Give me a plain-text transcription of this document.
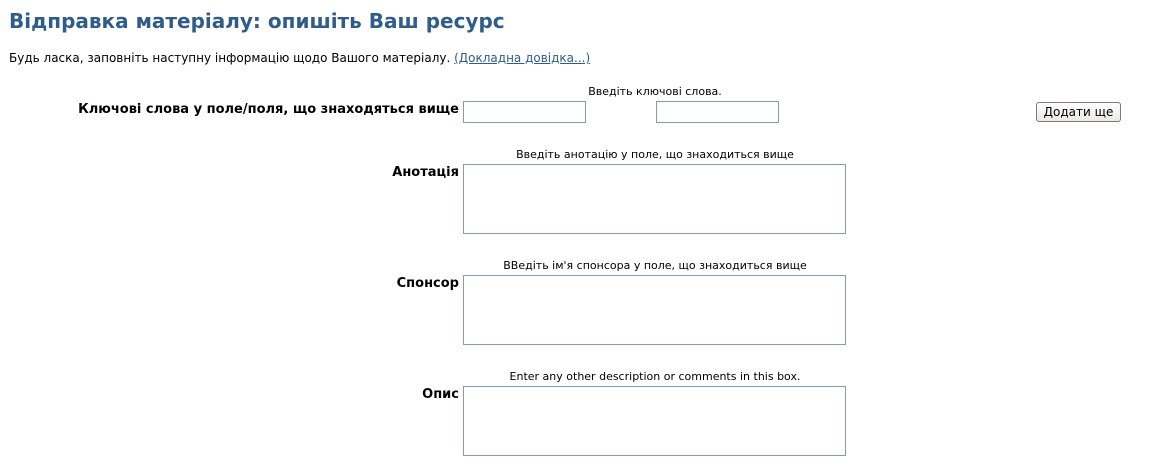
Відправка матеріалу: опишіть Ваш ресурс
Будь ласка, заповніть наступну інформацію щодо Вашого матеріалу. (Докладна довідка...)
Введіть ключові слова.
Ключові слова у поле/поля, що знаходяться вище	Додати ще
Введіть анотацію у поле, що знаходиться вище
Анотація
ВВедіть ім'я спонсора у поле, що знаходиться вище
Спонсор
Enter any other description or comments in this box.
Опис
